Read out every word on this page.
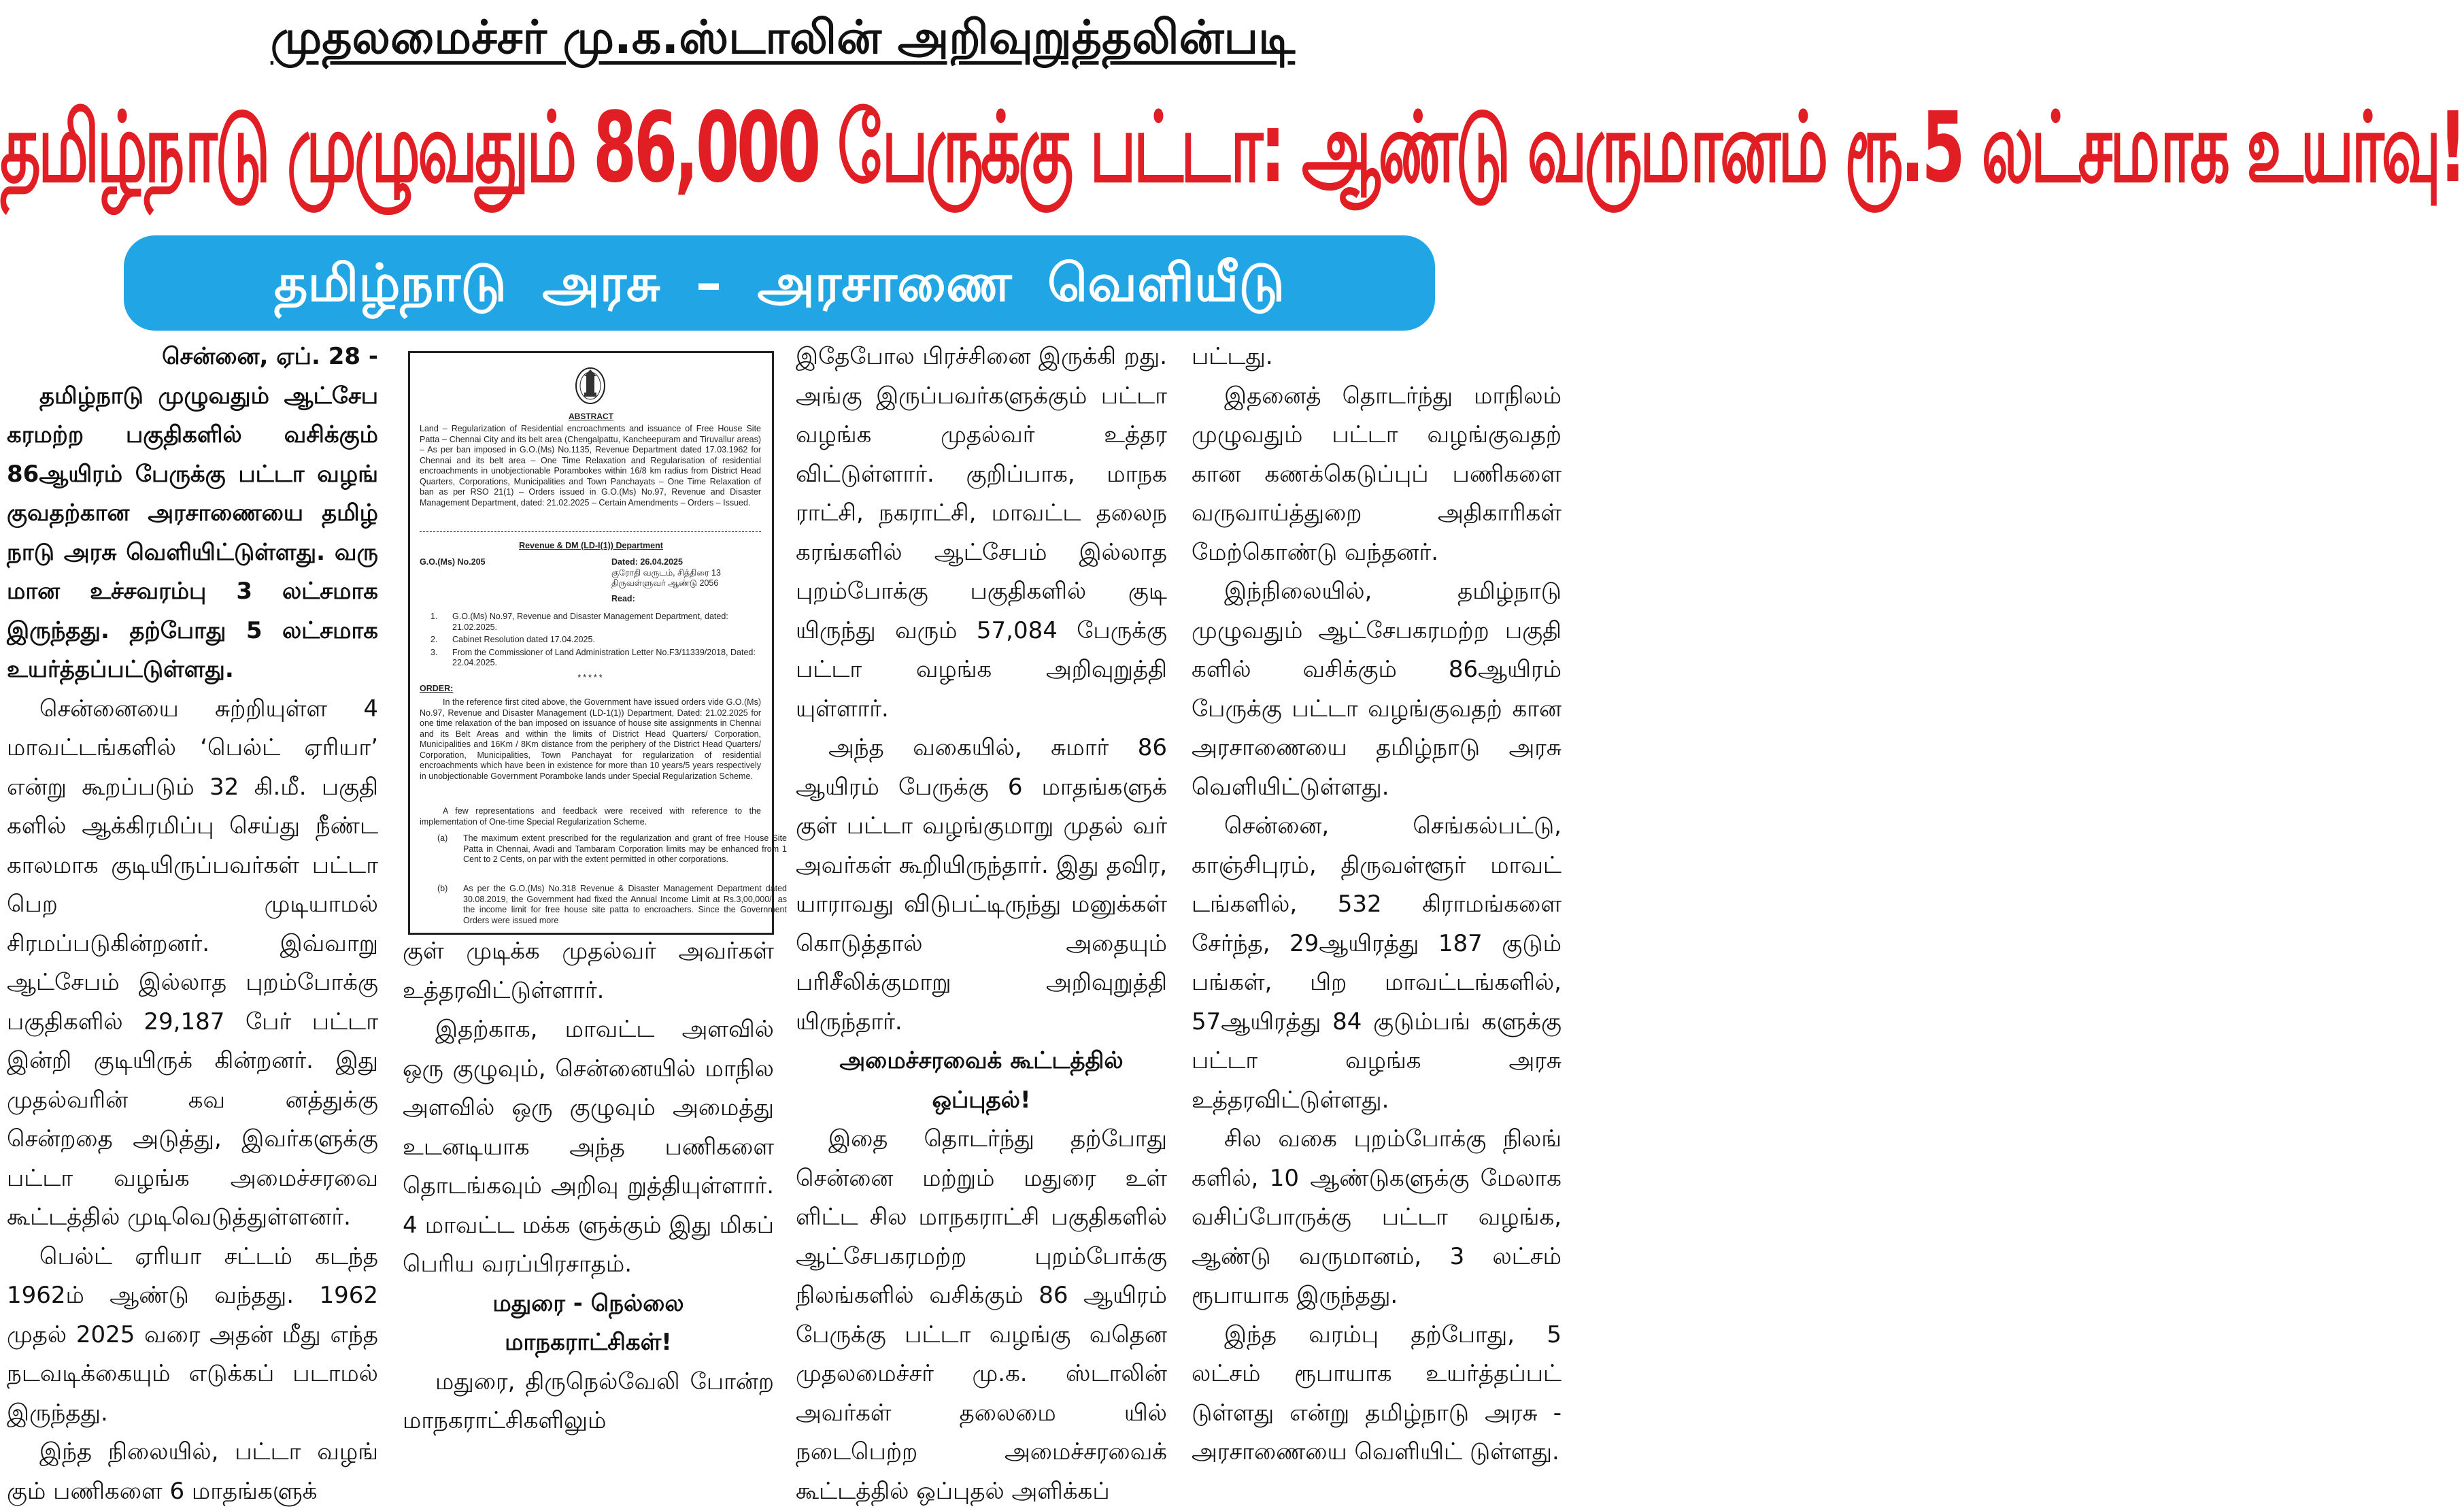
முதலமைச்சர் மு.க.ஸ்டாலின் அறிவுறுத்தலின்படி
தமிழ்நாடு முழுவதும் 86,000 பேருக்கு பட்டா: ஆண்டு வருமானம் ரூ.5 லட்சமாக உயர்வு!
தமிழ்நாடு அரசு – அரசாணை வெளியீடு

சென்னை, ஏப். 28 -

தமிழ்நாடு முழுவதும் ஆட்சேப கரமற்ற பகுதிகளில் வசிக்கும் 86ஆயிரம் பேருக்கு பட்டா வழங் குவதற்கான அரசாணையை தமிழ் நாடு அரசு வெளியிட்டுள்ளது. வரு மான உச்சவரம்பு 3 லட்சமாக இருந்தது. தற்போது 5 லட்சமாக உயர்த்தப்பட்டுள்ளது.

சென்னையை சுற்றியுள்ள 4 மாவட்டங்களில் ‘பெல்ட் ஏரியா’ என்று கூறப்படும் 32 கி.மீ. பகுதி களில் ஆக்கிரமிப்பு செய்து நீண்ட காலமாக குடியிருப்பவர்கள் பட்டா பெற முடியாமல் சிரமப்படுகின்றனர். இவ்வாறு ஆட்சேபம் இல்லாத புறம்போக்கு பகுதிகளில் 29,187 பேர் பட்டா இன்றி குடியிருக் கின்றனர். இது முதல்வரின் கவ னத்துக்கு சென்றதை அடுத்து, இவர்களுக்கு பட்டா வழங்க அமைச்சரவை கூட்டத்தில் முடிவெடுத்துள்ளனர்.

பெல்ட் ஏரியா சட்டம் கடந்த 1962ம் ஆண்டு வந்தது. 1962 முதல் 2025 வரை அதன் மீது எந்த நடவடிக்கையும் எடுக்கப் படாமல் இருந்தது.

இந்த நிலையில், பட்டா வழங் கும் பணிகளை 6 மாதங்களுக்

ABSTRACT
Land – Regularization of Residential encroachments and issuance of Free House Site Patta – Chennai City and its belt area (Chengalpattu, Kancheepuram and Tiruvallur areas) – As per ban imposed in G.O.(Ms) No.1135, Revenue Department dated 17.03.1962 for Chennai and its belt area – One Time Relaxation and Regularisation of residential encroachments in unobjectionable Porambokes within 16/8 km radius from District Head Quarters, Corporations, Municipalities and Town Panchayats – One Time Relaxation of ban as per RSO 21(1) – Orders issued in G.O.(Ms) No.97, Revenue and Disaster Management Department, dated: 21.02.2025 – Certain Amendments – Orders – Issued.
Revenue & DM (LD-I(1)) Department
G.O.(Ms) No.205	Dated: 26.04.2025
குரோதி வருடம், சித்திரை 13
திருவள்ளுவர் ஆண்டு 2056
Read:
1. G.O.(Ms) No.97, Revenue and Disaster Management Department, dated: 21.02.2025.
2. Cabinet Resolution dated 17.04.2025.
3. From the Commissioner of Land Administration Letter No.F3/11339/2018, Dated: 22.04.2025.
*****
ORDER:
In the reference first cited above, the Government have issued orders vide G.O.(Ms) No.97, Revenue and Disaster Management (LD-1(1)) Department, Dated: 21.02.2025 for one time relaxation of the ban imposed on issuance of house site assignments in Chennai and its Belt Areas and within the limits of District Head Quarters/ Corporation, Municipalities and 16Km / 8Km distance from the periphery of the District Head Quarters/ Corporation, Municipalities, Town Panchayat for regularization of residential encroachments which have been in existence for more than 10 years/5 years respectively in unobjectionable Government Poramboke lands under Special Regularization Scheme.
A few representations and feedback were received with reference to the implementation of One-time Special Regularization Scheme.
(a) The maximum extent prescribed for the regularization and grant of free House Site Patta in Chennai, Avadi and Tambaram Corporation limits may be enhanced from 1 Cent to 2 Cents, on par with the extent permitted in other corporations.
(b) As per the G.O.(Ms) No.318 Revenue & Disaster Management Department dated 30.08.2019, the Government had fixed the Annual Income Limit at Rs.3,00,000/- as the income limit for free house site patta to encroachers. Since the Government Orders were issued more

குள் முடிக்க முதல்வர் அவர்கள் உத்தரவிட்டுள்ளார்.

இதற்காக, மாவட்ட அளவில் ஒரு குழுவும், சென்னையில் மாநில அளவில் ஒரு குழுவும் அமைத்து உடனடியாக அந்த பணிகளை தொடங்கவும் அறிவு றுத்தியுள்ளார். 4 மாவட்ட மக்க ளுக்கும் இது மிகப் பெரிய வரப்பிரசாதம்.

மதுரை - நெல்லை மாநகராட்சிகள்!

மதுரை, திருநெல்வேலி போன்ற மாநகராட்சிகளிலும்

இதேபோல பிரச்சினை இருக்கி றது. அங்கு இருப்பவர்களுக்கும் பட்டா வழங்க முதல்வர் உத்தர விட்டுள்ளார். குறிப்பாக, மாநக ராட்சி, நகராட்சி, மாவட்ட தலைந கரங்களில் ஆட்சேபம் இல்லாத புறம்போக்கு பகுதிகளில் குடி யிருந்து வரும் 57,084 பேருக்கு பட்டா வழங்க அறிவுறுத்தி யுள்ளார்.

அந்த வகையில், சுமார் 86 ஆயிரம் பேருக்கு 6 மாதங்களுக் குள் பட்டா வழங்குமாறு முதல் வர் அவர்கள் கூறியிருந்தார். இது தவிர, யாராவது விடுபட்டிருந்து மனுக்கள் கொடுத்தால் அதையும் பரிசீலிக்குமாறு அறிவுறுத்தி யிருந்தார்.

அமைச்சரவைக் கூட்டத்தில் ஒப்புதல்!

இதை தொடர்ந்து தற்போது சென்னை மற்றும் மதுரை உள் ளிட்ட சில மாநகராட்சி பகுதிகளில் ஆட்சேபகரமற்ற புறம்போக்கு நிலங்களில் வசிக்கும் 86 ஆயிரம் பேருக்கு பட்டா வழங்கு வதென முதலமைச்சர் மு.க. ஸ்டாலின் அவர்கள் தலைமை யில் நடைபெற்ற அமைச்சரவைக் கூட்டத்தில் ஒப்புதல் அளிக்கப்

பட்டது.

இதனைத் தொடர்ந்து மாநிலம் முழுவதும் பட்டா வழங்குவதற் கான கணக்கெடுப்புப் பணிகளை வருவாய்த்துறை அதிகாரிகள் மேற்கொண்டு வந்தனர்.

இந்நிலையில், தமிழ்நாடு முழுவதும் ஆட்சேபகரமற்ற பகுதி களில் வசிக்கும் 86ஆயிரம் பேருக்கு பட்டா வழங்குவதற் கான அரசாணையை தமிழ்நாடு அரசு வெளியிட்டுள்ளது.

சென்னை, செங்கல்பட்டு, காஞ்சிபுரம், திருவள்ளூர் மாவட் டங்களில், 532 கிராமங்களை சேர்ந்த, 29ஆயிரத்து 187 குடும் பங்கள், பிற மாவட்டங்களில், 57ஆயிரத்து 84 குடும்பங் களுக்கு பட்டா வழங்க அரசு உத்தரவிட்டுள்ளது.

சில வகை புறம்போக்கு நிலங் களில், 10 ஆண்டுகளுக்கு மேலாக வசிப்போருக்கு பட்டா வழங்க, ஆண்டு வருமானம், 3 லட்சம் ரூபாயாக இருந்தது.

இந்த வரம்பு தற்போது, 5 லட்சம் ரூபாயாக உயர்த்தப்பட் டுள்ளது என்று தமிழ்நாடு அரசு - அரசாணையை வெளியிட் டுள்ளது.
